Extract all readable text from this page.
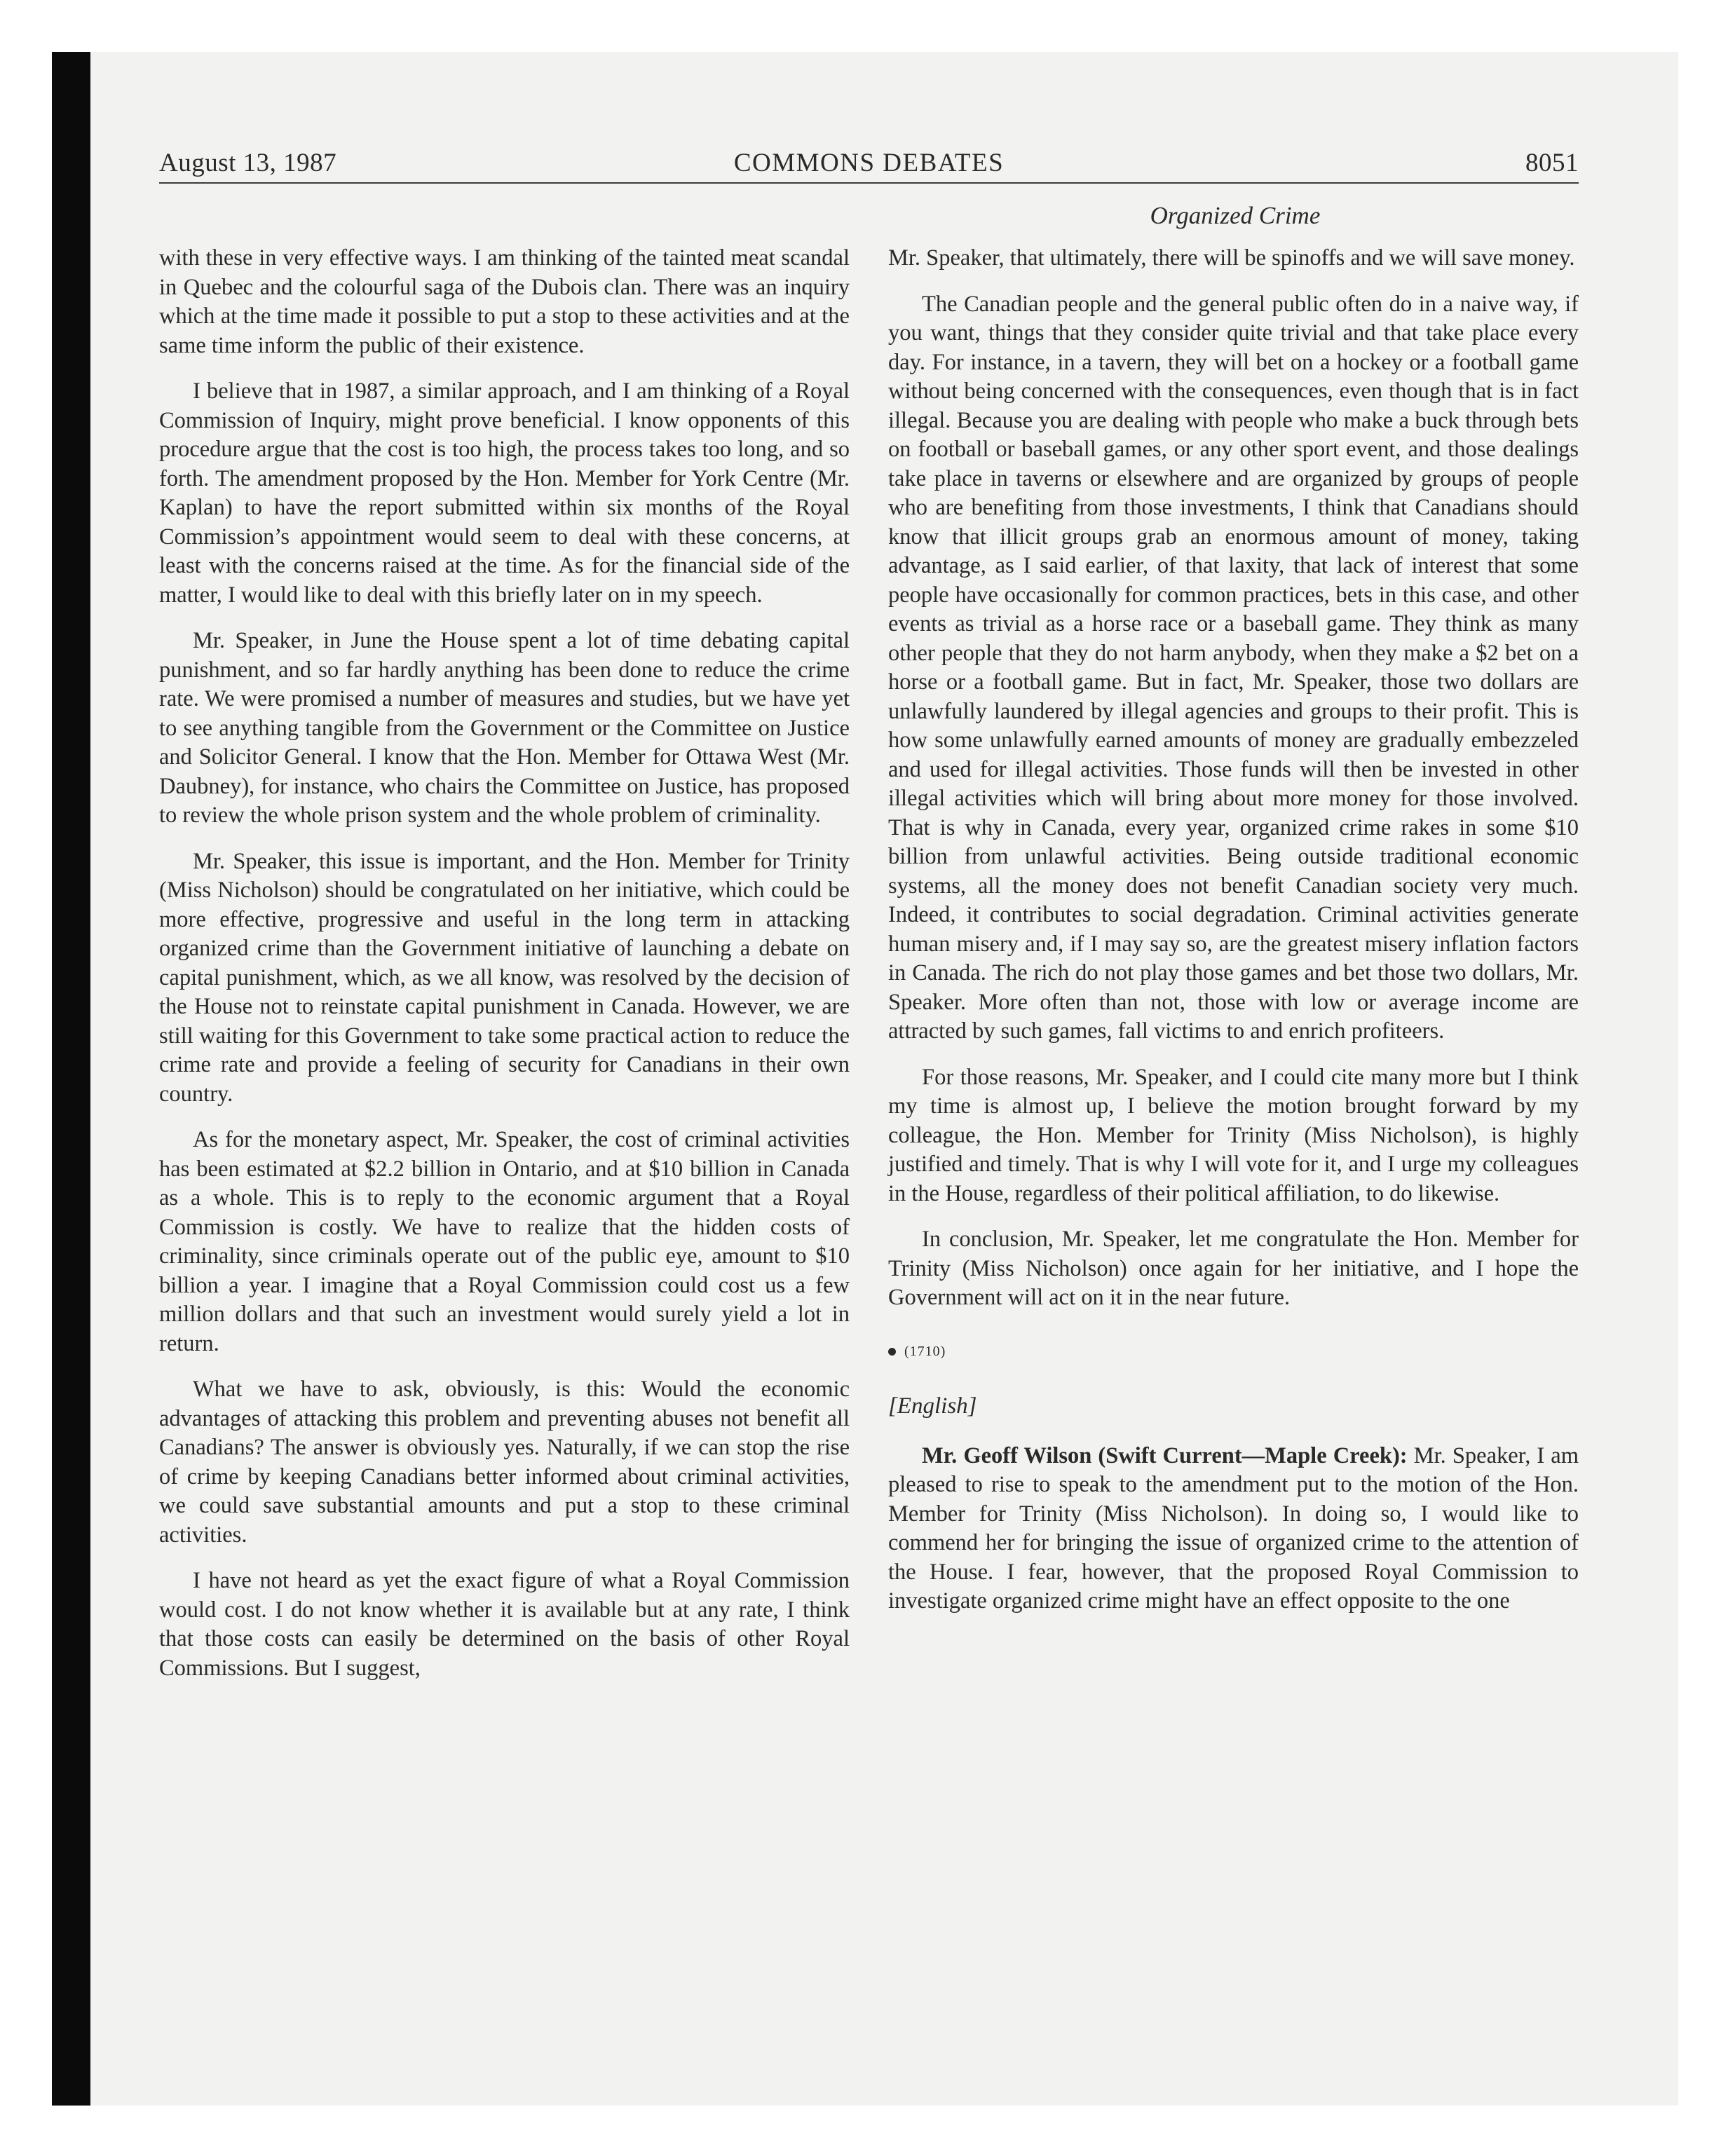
August 13, 1987	COMMONS DEBATES	8051
Organized Crime

with these in very effective ways. I am thinking of the tainted meat scandal in Quebec and the colourful saga of the Dubois clan. There was an inquiry which at the time made it possible to put a stop to these activities and at the same time inform the public of their existence.

I believe that in 1987, a similar approach, and I am thinking of a Royal Commission of Inquiry, might prove beneficial. I know opponents of this procedure argue that the cost is too high, the process takes too long, and so forth. The amendment proposed by the Hon. Member for York Centre (Mr. Kaplan) to have the report submitted within six months of the Royal Commission’s appointment would seem to deal with these concerns, at least with the concerns raised at the time. As for the financial side of the matter, I would like to deal with this briefly later on in my speech.

Mr. Speaker, in June the House spent a lot of time debating capital punishment, and so far hardly anything has been done to reduce the crime rate. We were promised a number of measures and studies, but we have yet to see anything tangible from the Government or the Committee on Justice and Solicitor General. I know that the Hon. Member for Ottawa West (Mr. Daubney), for instance, who chairs the Committee on Justice, has proposed to review the whole prison system and the whole problem of criminality.

Mr. Speaker, this issue is important, and the Hon. Member for Trinity (Miss Nicholson) should be congratulated on her initiative, which could be more effective, progressive and useful in the long term in attacking organized crime than the Government initiative of launching a debate on capital punishment, which, as we all know, was resolved by the decision of the House not to reinstate capital punishment in Canada. However, we are still waiting for this Government to take some practical action to reduce the crime rate and provide a feeling of security for Canadians in their own country.

As for the monetary aspect, Mr. Speaker, the cost of criminal activities has been estimated at $2.2 billion in Ontario, and at $10 billion in Canada as a whole. This is to reply to the economic argument that a Royal Commission is costly. We have to realize that the hidden costs of criminality, since criminals operate out of the public eye, amount to $10 billion a year. I imagine that a Royal Commission could cost us a few million dollars and that such an investment would surely yield a lot in return.

What we have to ask, obviously, is this: Would the economic advantages of attacking this problem and preventing abuses not benefit all Canadians? The answer is obviously yes. Naturally, if we can stop the rise of crime by keeping Canadians better informed about criminal activities, we could save substantial amounts and put a stop to these criminal activities.

I have not heard as yet the exact figure of what a Royal Commission would cost. I do not know whether it is available but at any rate, I think that those costs can easily be determined on the basis of other Royal Commissions. But I suggest,

Mr. Speaker, that ultimately, there will be spinoffs and we will save money.

The Canadian people and the general public often do in a naive way, if you want, things that they consider quite trivial and that take place every day. For instance, in a tavern, they will bet on a hockey or a football game without being concerned with the consequences, even though that is in fact illegal. Because you are dealing with people who make a buck through bets on football or baseball games, or any other sport event, and those dealings take place in taverns or elsewhere and are organized by groups of people who are benefiting from those investments, I think that Canadians should know that illicit groups grab an enormous amount of money, taking advantage, as I said earlier, of that laxity, that lack of interest that some people have occasionally for common practices, bets in this case, and other events as trivial as a horse race or a baseball game. They think as many other people that they do not harm anybody, when they make a $2 bet on a horse or a football game. But in fact, Mr. Speaker, those two dollars are unlawfully laundered by illegal agencies and groups to their profit. This is how some unlawfully earned amounts of money are gradually embezzeled and used for illegal activities. Those funds will then be invested in other illegal activities which will bring about more money for those involved. That is why in Canada, every year, organized crime rakes in some $10 billion from unlawful activities. Being outside traditional economic systems, all the money does not benefit Canadian society very much. Indeed, it contributes to social degradation. Criminal activities generate human misery and, if I may say so, are the greatest misery inflation factors in Canada. The rich do not play those games and bet those two dollars, Mr. Speaker. More often than not, those with low or average income are attracted by such games, fall victims to and enrich profiteers.

For those reasons, Mr. Speaker, and I could cite many more but I think my time is almost up, I believe the motion brought forward by my colleague, the Hon. Member for Trinity (Miss Nicholson), is highly justified and timely. That is why I will vote for it, and I urge my colleagues in the House, regardless of their political affiliation, to do likewise.

In conclusion, Mr. Speaker, let me congratulate the Hon. Member for Trinity (Miss Nicholson) once again for her initiative, and I hope the Government will act on it in the near future.

(1710)
[English]

Mr. Geoff Wilson (Swift Current—Maple Creek): Mr. Speaker, I am pleased to rise to speak to the amendment put to the motion of the Hon. Member for Trinity (Miss Nicholson). In doing so, I would like to commend her for bringing the issue of organized crime to the attention of the House. I fear, however, that the proposed Royal Commission to investigate organized crime might have an effect opposite to the one
